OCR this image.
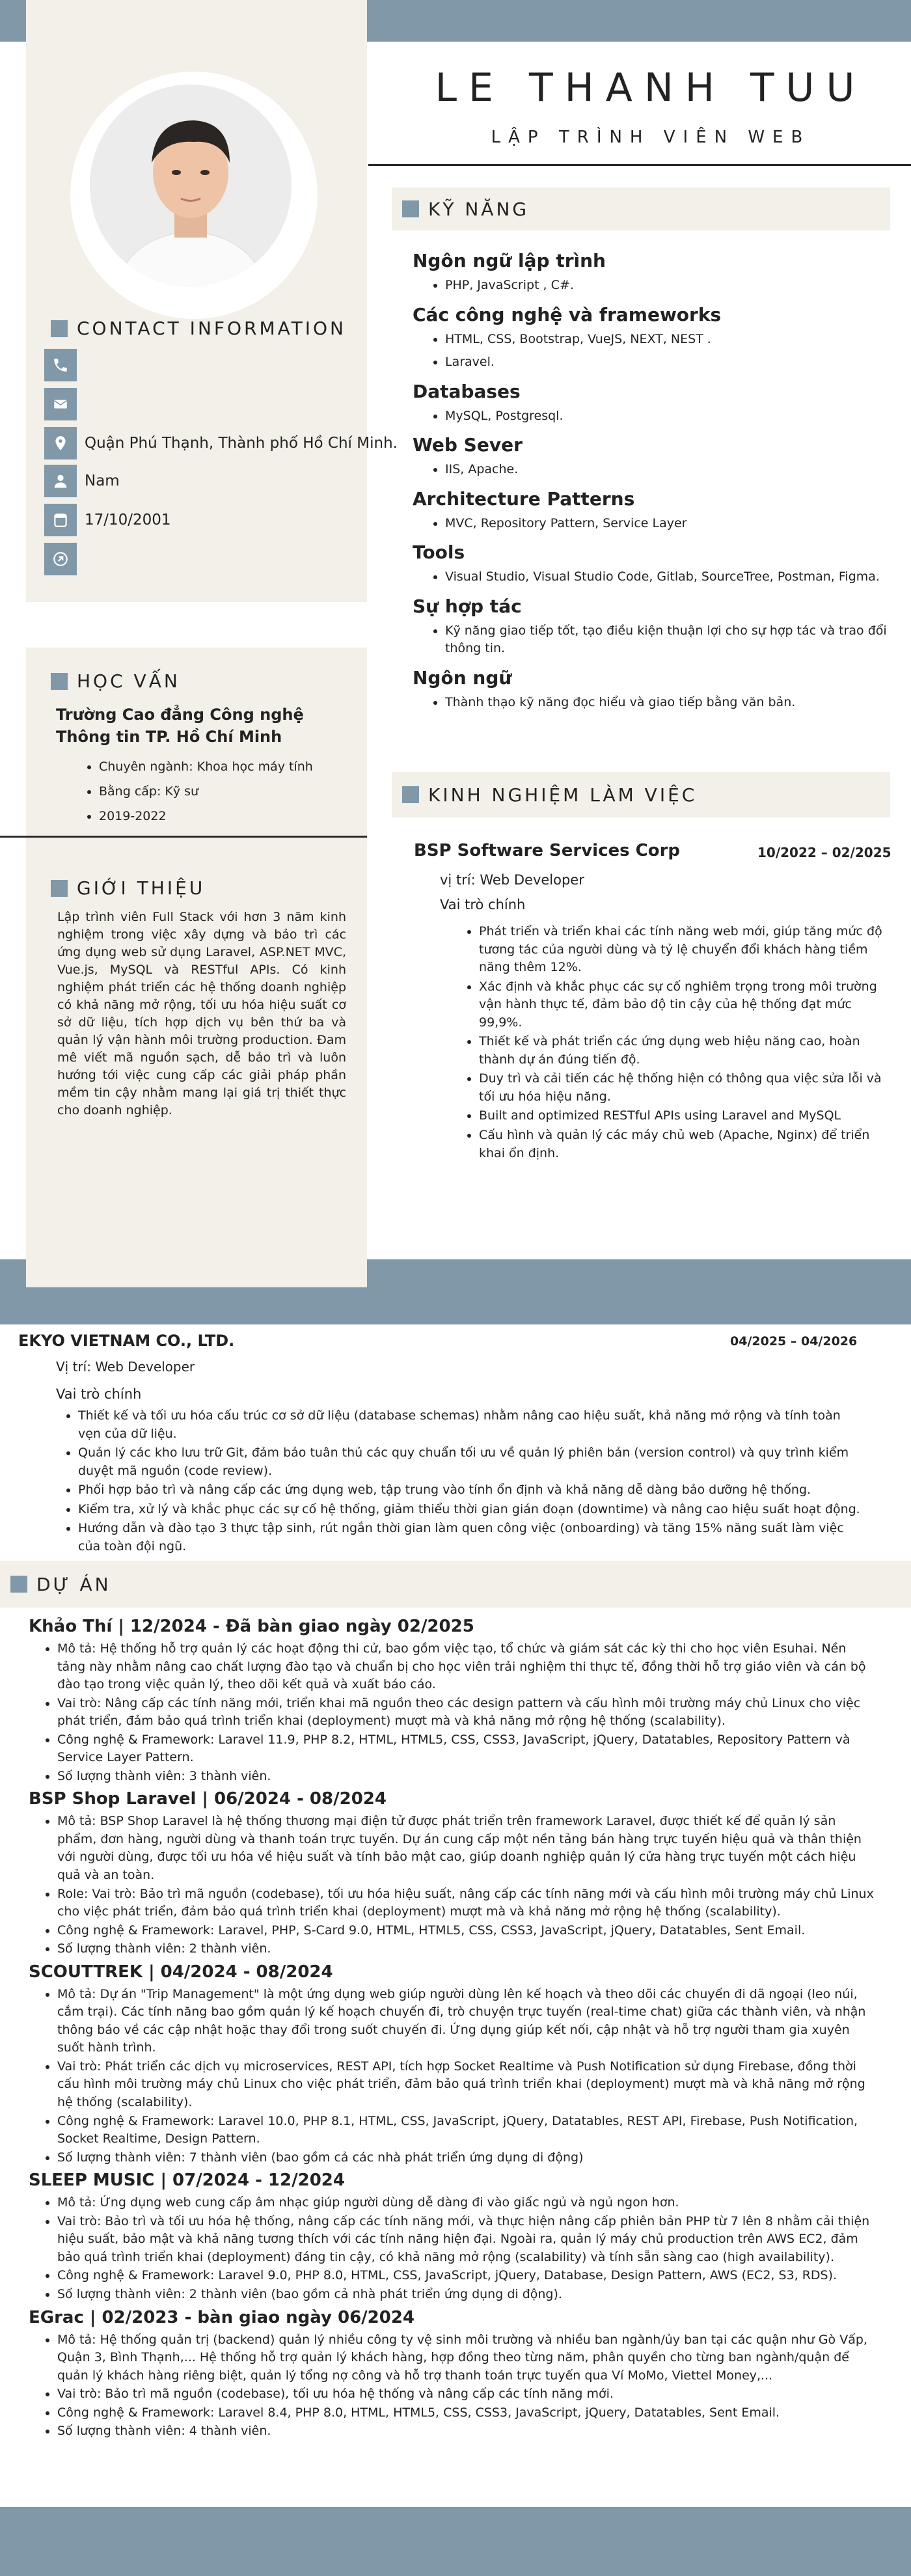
CONTACT INFORMATION
Quận Phú Thạnh, Thành phố Hồ Chí Minh.
Nam
17/10/2001
HỌC VẤN
Trường Cao đẳng Công nghệ Thông tin TP. Hồ Chí Minh
• Chuyên ngành: Khoa học máy tính
• Bằng cấp: Kỹ sư
• 2019-2022
GIỚI THIỆU
Lập trình viên Full Stack với hơn 3 năm kinh nghiệm trong việc xây dựng và bảo trì các ứng dụng web sử dụng Laravel, ASP.NET MVC, Vue.js, MySQL và RESTful APIs. Có kinh nghiệm phát triển các hệ thống doanh nghiệp có khả năng mở rộng, tối ưu hóa hiệu suất cơ sở dữ liệu, tích hợp dịch vụ bên thứ ba và quản lý vận hành môi trường production. Đam mê viết mã nguồn sạch, dễ bảo trì và luôn hướng tới việc cung cấp các giải pháp phần mềm tin cậy nhằm mang lại giá trị thiết thực cho doanh nghiệp.
LE THANH TUU
LẬP TRÌNH VIÊN WEB
KỸ NĂNG
Ngôn ngữ lập trình
• PHP, JavaScript , C#.
Các công nghệ và frameworks
• HTML, CSS, Bootstrap, VueJS, NEXT, NEST .
• Laravel.
Databases
• MySQL, Postgresql.
Web Sever
• IIS, Apache.
Architecture Patterns
• MVC, Repository Pattern, Service Layer
Tools
• Visual Studio, Visual Studio Code, Gitlab, SourceTree, Postman, Figma.
Sự hợp tác
• Kỹ năng giao tiếp tốt, tạo điều kiện thuận lợi cho sự hợp tác và trao đổi thông tin.
Ngôn ngữ
• Thành thạo kỹ năng đọc hiểu và giao tiếp bằng văn bản.
KINH NGHIỆM LÀM VIỆC
BSP Software Services Corp	10/2022 – 02/2025
vị trí: Web Developer
Vai trò chính
• Phát triển và triển khai các tính năng web mới, giúp tăng mức độ tương tác của người dùng và tỷ lệ chuyển đổi khách hàng tiềm năng thêm 12%.
• Xác định và khắc phục các sự cố nghiêm trọng trong môi trường vận hành thực tế, đảm bảo độ tin cậy của hệ thống đạt mức 99,9%.
• Thiết kế và phát triển các ứng dụng web hiệu năng cao, hoàn thành dự án đúng tiến độ.
• Duy trì và cải tiến các hệ thống hiện có thông qua việc sửa lỗi và tối ưu hóa hiệu năng.
• Built and optimized RESTful APIs using Laravel and MySQL
• Cấu hình và quản lý các máy chủ web (Apache, Nginx) để triển khai ổn định.
EKYO VIETNAM CO., LTD.	04/2025 – 04/2026
Vị trí: Web Developer
Vai trò chính
• Thiết kế và tối ưu hóa cấu trúc cơ sở dữ liệu (database schemas) nhằm nâng cao hiệu suất, khả năng mở rộng và tính toàn vẹn của dữ liệu.
• Quản lý các kho lưu trữ Git, đảm bảo tuân thủ các quy chuẩn tối ưu về quản lý phiên bản (version control) và quy trình kiểm duyệt mã nguồn (code review).
• Phối hợp bảo trì và nâng cấp các ứng dụng web, tập trung vào tính ổn định và khả năng dễ dàng bảo dưỡng hệ thống.
• Kiểm tra, xử lý và khắc phục các sự cố hệ thống, giảm thiểu thời gian gián đoạn (downtime) và nâng cao hiệu suất hoạt động.
• Hướng dẫn và đào tạo 3 thực tập sinh, rút ngắn thời gian làm quen công việc (onboarding) và tăng 15% năng suất làm việc của toàn đội ngũ.
DỰ ÁN
Khảo Thí | 12/2024 - Đã bàn giao ngày 02/2025
• Mô tả: Hệ thống hỗ trợ quản lý các hoạt động thi cử, bao gồm việc tạo, tổ chức và giám sát các kỳ thi cho học viên Esuhai. Nền tảng này nhằm nâng cao chất lượng đào tạo và chuẩn bị cho học viên trải nghiệm thi thực tế, đồng thời hỗ trợ giáo viên và cán bộ đào tạo trong việc quản lý, theo dõi kết quả và xuất báo cáo.
• Vai trò: Nâng cấp các tính năng mới, triển khai mã nguồn theo các design pattern và cấu hình môi trường máy chủ Linux cho việc phát triển, đảm bảo quá trình triển khai (deployment) mượt mà và khả năng mở rộng hệ thống (scalability).
• Công nghệ & Framework: Laravel 11.9, PHP 8.2, HTML, HTML5, CSS, CSS3, JavaScript, jQuery, Datatables, Repository Pattern và Service Layer Pattern.
• Số lượng thành viên: 3 thành viên.
BSP Shop Laravel | 06/2024 - 08/2024
• Mô tả: BSP Shop Laravel là hệ thống thương mại điện tử được phát triển trên framework Laravel, được thiết kế để quản lý sản phẩm, đơn hàng, người dùng và thanh toán trực tuyến. Dự án cung cấp một nền tảng bán hàng trực tuyến hiệu quả và thân thiện với người dùng, được tối ưu hóa về hiệu suất và tính bảo mật cao, giúp doanh nghiệp quản lý cửa hàng trực tuyến một cách hiệu quả và an toàn.
• Role: Vai trò: Bảo trì mã nguồn (codebase), tối ưu hóa hiệu suất, nâng cấp các tính năng mới và cấu hình môi trường máy chủ Linux cho việc phát triển, đảm bảo quá trình triển khai (deployment) mượt mà và khả năng mở rộng hệ thống (scalability).
• Công nghệ & Framework: Laravel, PHP, S-Card 9.0, HTML, HTML5, CSS, CSS3, JavaScript, jQuery, Datatables, Sent Email.
• Số lượng thành viên: 2 thành viên.
SCOUTTREK | 04/2024 - 08/2024
• Mô tả: Dự án "Trip Management" là một ứng dụng web giúp người dùng lên kế hoạch và theo dõi các chuyến đi dã ngoại (leo núi, cắm trại). Các tính năng bao gồm quản lý kế hoạch chuyến đi, trò chuyện trực tuyến (real-time chat) giữa các thành viên, và nhận thông báo về các cập nhật hoặc thay đổi trong suốt chuyến đi. Ứng dụng giúp kết nối, cập nhật và hỗ trợ người tham gia xuyên suốt hành trình.
• Vai trò: Phát triển các dịch vụ microservices, REST API, tích hợp Socket Realtime và Push Notification sử dụng Firebase, đồng thời cấu hình môi trường máy chủ Linux cho việc phát triển, đảm bảo quá trình triển khai (deployment) mượt mà và khả năng mở rộng hệ thống (scalability).
• Công nghệ & Framework: Laravel 10.0, PHP 8.1, HTML, CSS, JavaScript, jQuery, Datatables, REST API, Firebase, Push Notification, Socket Realtime, Design Pattern.
• Số lượng thành viên: 7 thành viên (bao gồm cả các nhà phát triển ứng dụng di động)
SLEEP MUSIC | 07/2024 - 12/2024
• Mô tả: Ứng dụng web cung cấp âm nhạc giúp người dùng dễ dàng đi vào giấc ngủ và ngủ ngon hơn.
• Vai trò: Bảo trì và tối ưu hóa hệ thống, nâng cấp các tính năng mới, và thực hiện nâng cấp phiên bản PHP từ 7 lên 8 nhằm cải thiện hiệu suất, bảo mật và khả năng tương thích với các tính năng hiện đại. Ngoài ra, quản lý máy chủ production trên AWS EC2, đảm bảo quá trình triển khai (deployment) đáng tin cậy, có khả năng mở rộng (scalability) và tính sẵn sàng cao (high availability).
• Công nghệ & Framework: Laravel 9.0, PHP 8.0, HTML, CSS, JavaScript, jQuery, Database, Design Pattern, AWS (EC2, S3, RDS).
• Số lượng thành viên: 2 thành viên (bao gồm cả nhà phát triển ứng dụng di động).
EGrac | 02/2023 - bàn giao ngày 06/2024
• Mô tả: Hệ thống quản trị (backend) quản lý nhiều công ty vệ sinh môi trường và nhiều ban ngành/ủy ban tại các quận như Gò Vấp, Quận 3, Bình Thạnh,... Hệ thống hỗ trợ quản lý khách hàng, hợp đồng theo từng năm, phân quyền cho từng ban ngành/quận để quản lý khách hàng riêng biệt, quản lý tổng nợ công và hỗ trợ thanh toán trực tuyến qua Ví MoMo, Viettel Money,...
• Vai trò: Bảo trì mã nguồn (codebase), tối ưu hóa hệ thống và nâng cấp các tính năng mới.
• Công nghệ & Framework: Laravel 8.4, PHP 8.0, HTML, HTML5, CSS, CSS3, JavaScript, jQuery, Datatables, Sent Email.
• Số lượng thành viên: 4 thành viên.
